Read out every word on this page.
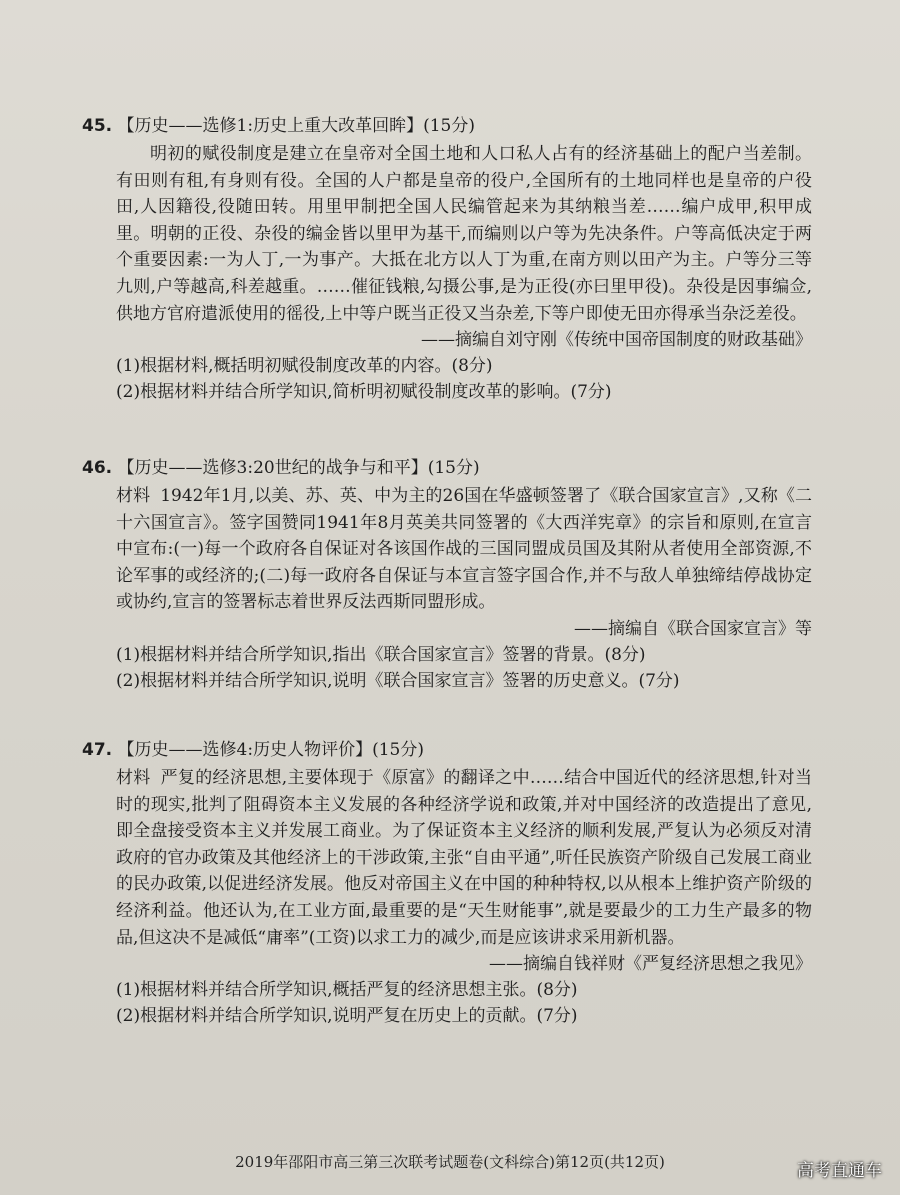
45. 【历史——选修1:历史上重大改革回眸】(15分)

明初的赋役制度是建立在皇帝对全国土地和人口私人占有的经济基础上的配户当差制。有田则有租,有身则有役。全国的人户都是皇帝的役户,全国所有的土地同样也是皇帝的户役田,人因籍役,役随田转。用里甲制把全国人民编管起来为其纳粮当差……编户成甲,积甲成里。明朝的正役、杂役的编金皆以里甲为基干,而编则以户等为先决条件。户等高低决定于两个重要因素:一为人丁,一为事产。大抵在北方以人丁为重,在南方则以田产为主。户等分三等九则,户等越高,科差越重。……催征钱粮,勾摄公事,是为正役(亦曰里甲役)。杂役是因事编佥,供地方官府遣派使用的徭役,上中等户既当正役又当杂差,下等户即使无田亦得承当杂泛差役。

——摘编自刘守刚《传统中国帝国制度的财政基础》

(1)根据材料,概括明初赋役制度改革的内容。(8分)

(2)根据材料并结合所学知识,简析明初赋役制度改革的影响。(7分)

46. 【历史——选修3:20世纪的战争与和平】(15分)

材料 1942年1月,以美、苏、英、中为主的26国在华盛顿签署了《联合国家宣言》,又称《二十六国宣言》。签字国赞同1941年8月英美共同签署的《大西洋宪章》的宗旨和原则,在宣言中宣布:(一)每一个政府各自保证对各该国作战的三国同盟成员国及其附从者使用全部资源,不论军事的或经济的;(二)每一政府各自保证与本宣言签字国合作,并不与敌人单独缔结停战协定或协约,宣言的签署标志着世界反法西斯同盟形成。

——摘编自《联合国家宣言》等

(1)根据材料并结合所学知识,指出《联合国家宣言》签署的背景。(8分)

(2)根据材料并结合所学知识,说明《联合国家宣言》签署的历史意义。(7分)

47. 【历史——选修4:历史人物评价】(15分)

材料 严复的经济思想,主要体现于《原富》的翻译之中……结合中国近代的经济思想,针对当时的现实,批判了阻碍资本主义发展的各种经济学说和政策,并对中国经济的改造提出了意见,即全盘接受资本主义并发展工商业。为了保证资本主义经济的顺利发展,严复认为必须反对清政府的官办政策及其他经济上的干涉政策,主张“自由平通”,听任民族资产阶级自己发展工商业的民办政策,以促进经济发展。他反对帝国主义在中国的种种特权,以从根本上维护资产阶级的经济利益。他还认为,在工业方面,最重要的是“天生财能事”,就是要最少的工力生产最多的物品,但这决不是减低“庸率”(工资)以求工力的减少,而是应该讲求采用新机器。

——摘编自钱祥财《严复经济思想之我见》

(1)根据材料并结合所学知识,概括严复的经济思想主张。(8分)

(2)根据材料并结合所学知识,说明严复在历史上的贡献。(7分)

2019年邵阳市高三第三次联考试题卷(文科综合)第12页(共12页)	高考直通车
